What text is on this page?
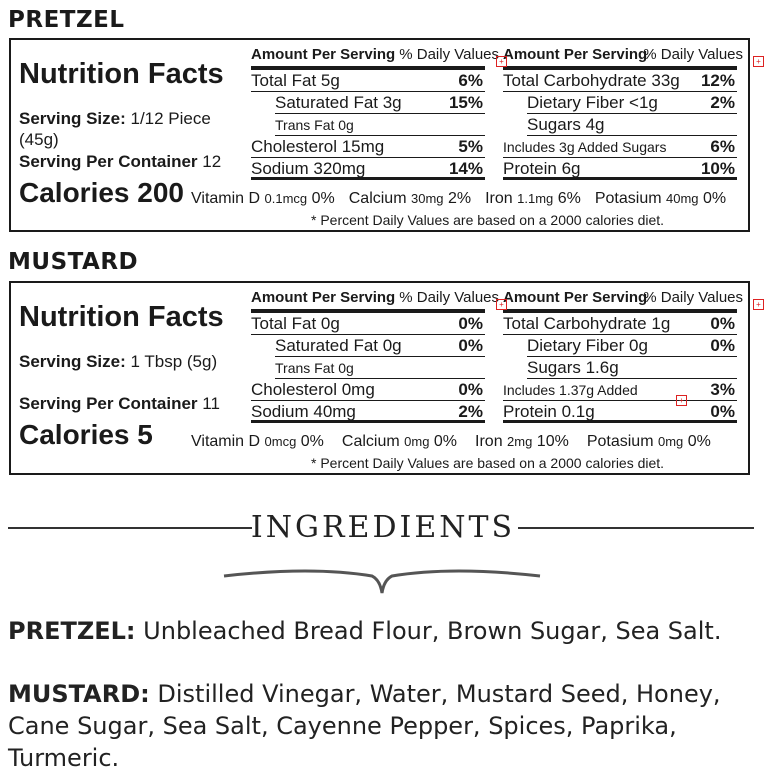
PRETZEL
Nutrition Facts
Serving Size: 1/12 Piece (45g)
Serving Per Container 12
Calories 200
Amount Per Serving % Daily Values
Total Fat 5g	6%
Saturated Fat 3g	15%
Trans Fat 0g
Cholesterol 15mg	5%
Sodium 320mg	14%
Amount Per Serving
% Daily Values
Total Carbohydrate 33g 12%
Dietary Fiber <1g	2%
Sugars 4g
Includes 3g Added Sugars	6%
Protein 6g	10%
Vitamin D 0.1mcg 0% Calcium 30mg 2% Iron 1.1mg 6% Potasium 40mg 0%
* Percent Daily Values are based on a 2000 calories diet.
+	+
MUSTARD
Nutrition Facts
Serving Size: 1 Tbsp (5g)
Serving Per Container 11
Calories 5
Amount Per Serving % Daily Values
Total Fat 0g	0%
Saturated Fat 0g	0%
Trans Fat 0g
Cholesterol 0mg	0%
Sodium 40mg	2%
Amount Per Serving
% Daily Values
Total Carbohydrate 1g 0%
Dietary Fiber 0g	0%
Sugars 1.6g
Includes 1.37g Added	3%
Protein 0.1g	0%
Vitamin D 0mcg 0% Calcium 0mg 0% Iron 2mg 10% Potasium 0mg 0%
* Percent Daily Values are based on a 2000 calories diet.
+	+
+
INGREDIENTS
PRETZEL: Unbleached Bread Flour, Brown Sugar, Sea Salt.
MUSTARD: Distilled Vinegar, Water, Mustard Seed, Honey, Cane Sugar, Sea Salt, Cayenne Pepper, Spices, Paprika, Turmeric.
